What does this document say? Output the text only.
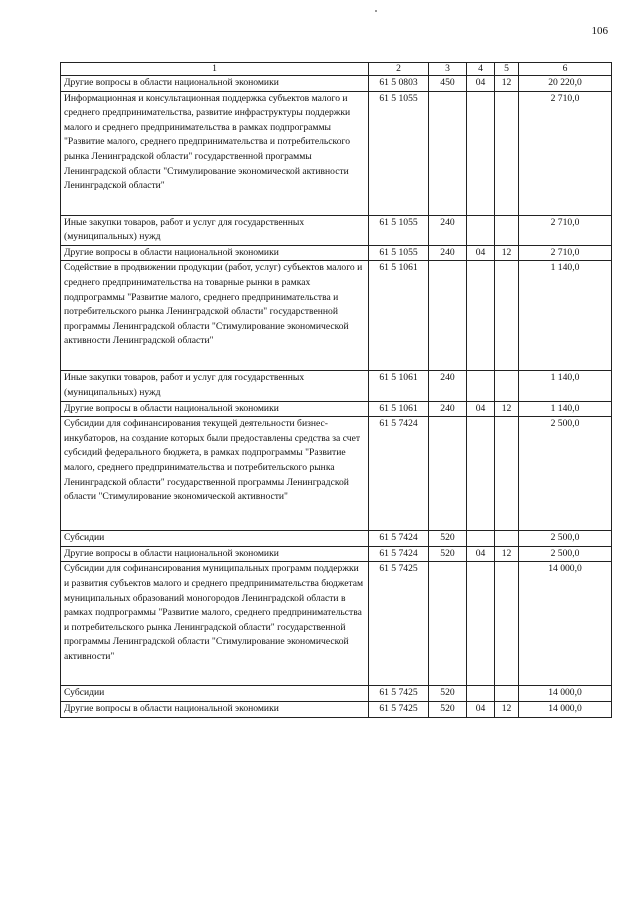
106
1	2	3	4	5	6
Другие вопросы в области национальной экономики	61 5 0803	450	04	12	20 220,0
Информационная и консультационная поддержка субъектов малого и среднего предпринимательства, развитие инфраструктуры поддержки малого и среднего предпринимательства в рамках подпрограммы "Развитие малого, среднего предпринимательства и потребительского рынка Ленинградской области" государственной программы Ленинградской области "Стимулирование экономической активности Ленинградской области"	61 5 1055				2 710,0
Иные закупки товаров, работ и услуг для государственных (муниципальных) нужд	61 5 1055	240			2 710,0
Другие вопросы в области национальной экономики	61 5 1055	240	04	12	2 710,0
Содействие в продвижении продукции (работ, услуг) субъектов малого и среднего предпринимательства на товарные рынки в рамках подпрограммы "Развитие малого, среднего предпринимательства и потребительского рынка Ленинградской области" государственной программы Ленинградской области "Стимулирование экономической активности Ленинградской области"	61 5 1061				1 140,0
Иные закупки товаров, работ и услуг для государственных (муниципальных) нужд	61 5 1061	240			1 140,0
Другие вопросы в области национальной экономики	61 5 1061	240	04	12	1 140,0
Субсидии для софинансирования текущей деятельности бизнес-инкубаторов, на создание которых были предоставлены средства за счет субсидий федерального бюджета, в рамках подпрограммы "Развитие малого, среднего предпринимательства и потребительского рынка Ленинградской области" государственной программы Ленинградской области "Стимулирование экономической активности"	61 5 7424				2 500,0
Субсидии	61 5 7424	520			2 500,0
Другие вопросы в области национальной экономики	61 5 7424	520	04	12	2 500,0
Субсидии для софинансирования муниципальных программ поддержки и развития субъектов малого и среднего предпринимательства бюджетам муниципальных образований моногородов Ленинградской области в рамках подпрограммы "Развитие малого, среднего предпринимательства и потребительского рынка Ленинградской области" государственной программы Ленинградской области "Стимулирование экономической активности"	61 5 7425				14 000,0
Субсидии	61 5 7425	520			14 000,0
Другие вопросы в области национальной экономики	61 5 7425	520	04	12	14 000,0
